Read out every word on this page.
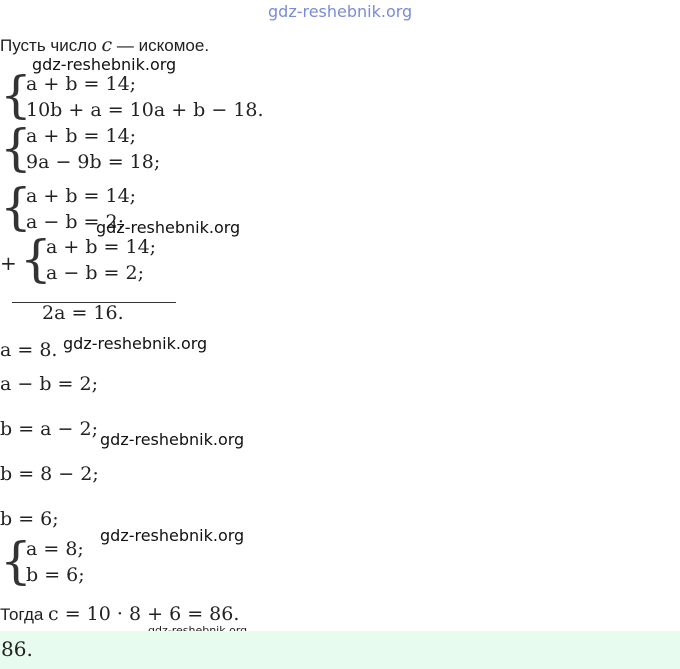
gdz-reshebnik.org
Пусть число c — искомое.
gdz-reshebnik.org
{
a + b = 14;
10b + a = 10a + b − 18.
{
a + b = 14;
9a − 9b = 18;
{
a + b = 14;
a − b = 2;
gdz-reshebnik.org
+ {
a + b = 14;
a − b = 2;
2a = 16.
a = 8. gdz-reshebnik.org
a − b = 2;
b = a − 2; gdz-reshebnik.org
b = 8 − 2;
b = 6;
gdz-reshebnik.org
{
a = 8;
b = 6;
Тогда c = 10 · 8 + 6 = 86.
86.
